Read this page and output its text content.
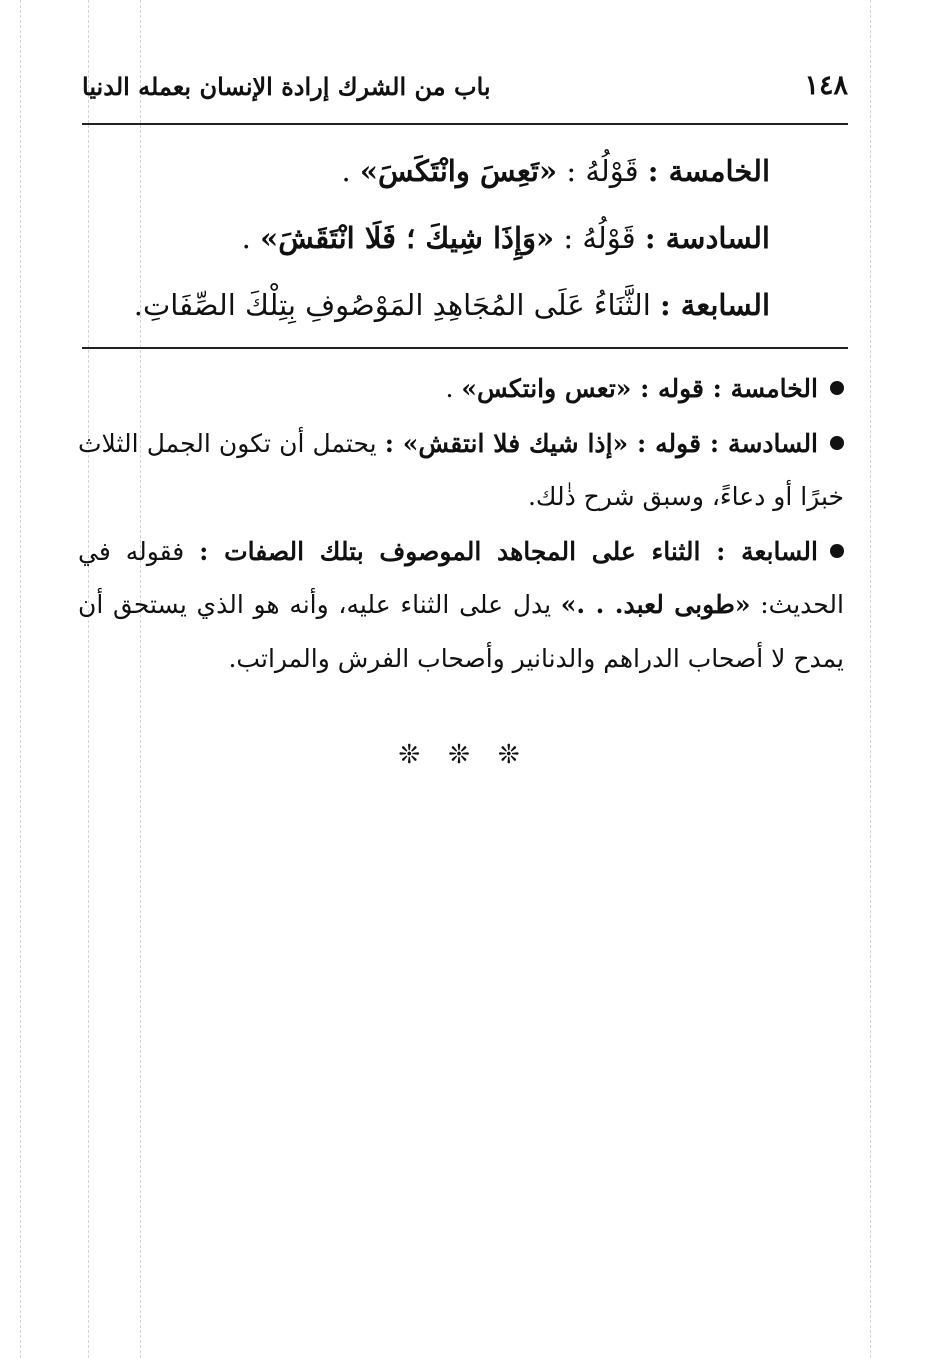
١٤٨
باب من الشرك إرادة الإنسان بعمله الدنيا
الخامسة : قَوْلُهُ : «تَعِسَ وانْتَكَسَ» .
السادسة : قَوْلُهُ : «وَإِذَا شِيكَ ؛ فَلَا انْتَقَشَ» .
السابعة : الثَّنَاءُ عَلَى المُجَاهِدِ المَوْصُوفِ بِتِلْكَ الصِّفَاتِ.

الخامسة : قوله : «تعس وانتكس» .

السادسة : قوله : «إذا شيك فلا انتقش» : يحتمل أن تكون الجمل الثلاث خبرًا أو دعاءً، وسبق شرح ذٰلك.

السابعة : الثناء على المجاهد الموصوف بتلك الصفات : فقوله في الحديث: «طوبى لعبد. . .» يدل على الثناء عليه، وأنه هو الذي يستحق أن يمدح لا أصحاب الدراهم والدنانير وأصحاب الفرش والمراتب.

❊❊❊
